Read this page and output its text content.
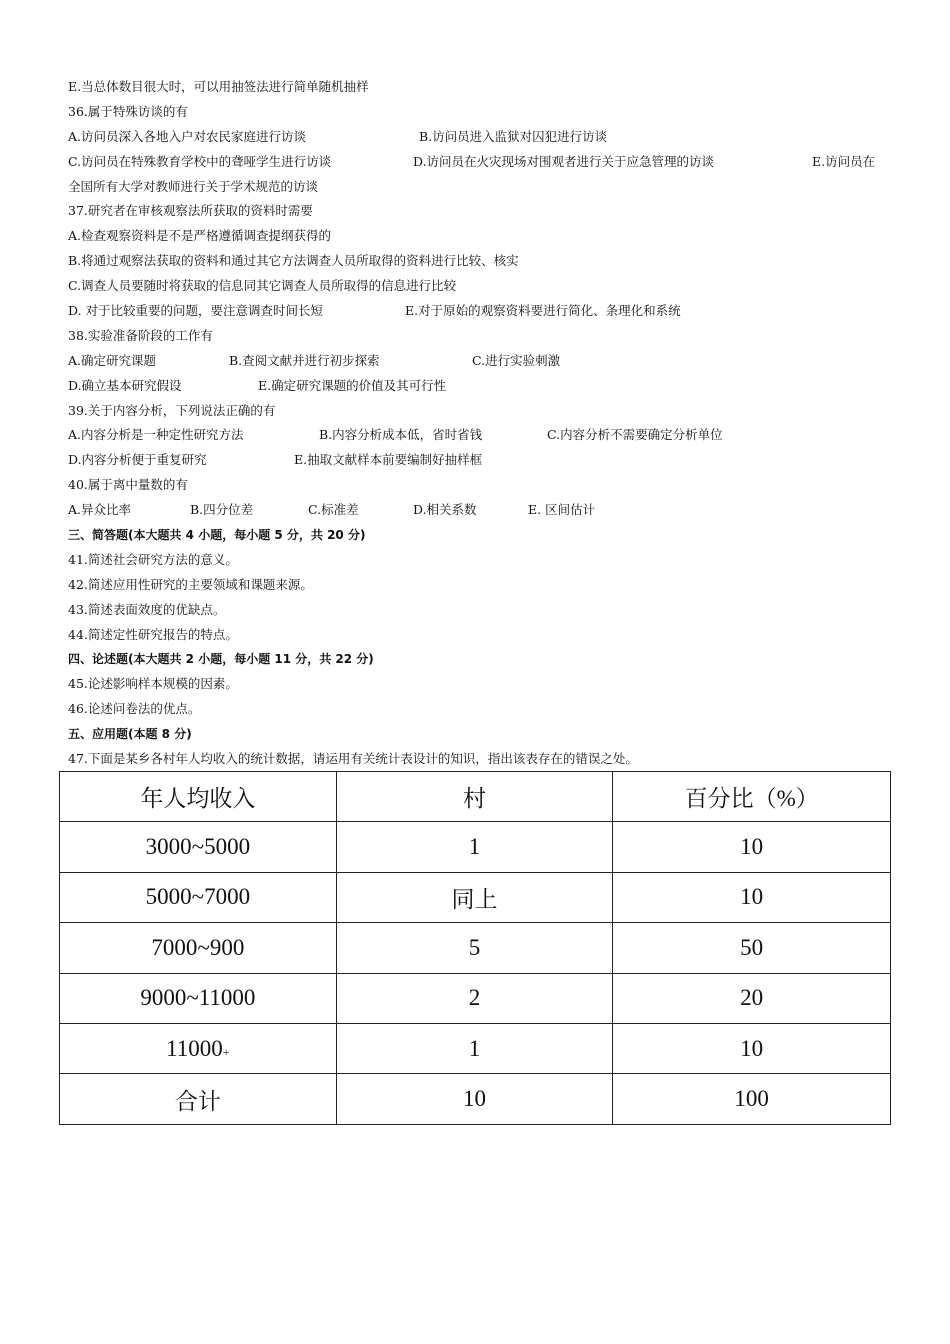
E.当总体数目很大时，可以用抽签法进行简单随机抽样
36.属于特殊访谈的有
A.访问员深入各地入户对农民家庭进行访谈	B.访问员进入监狱对囚犯进行访谈
C.访问员在特殊教育学校中的聋哑学生进行访谈	D.访问员在火灾现场对围观者进行关于应急管理的访谈	E.访问员在
全国所有大学对教师进行关于学术规范的访谈
37.研究者在审核观察法所获取的资料时需要
A.检查观察资料是不是严格遵循调查提纲获得的
B.将通过观察法获取的资料和通过其它方法调查人员所取得的资料进行比较、核实
C.调查人员要随时将获取的信息同其它调查人员所取得的信息进行比较
D. 对于比较重要的问题，要注意调查时间长短	E.对于原始的观察资料要进行简化、条理化和系统
38.实验准备阶段的工作有
A.确定研究课题	B.查阅文献并进行初步探索	C.进行实验刺激
D.确立基本研究假设	E.确定研究课题的价值及其可行性
39.关于内容分析，下列说法正确的有
A.内容分析是一种定性研究方法	B.内容分析成本低，省时省钱	C.内容分析不需要确定分析单位
D.内容分析便于重复研究	E.抽取文献样本前要编制好抽样框
40.属于离中量数的有
A.异众比率	B.四分位差	C.标准差	D.相关系数	E. 区间估计
三、简答题(本大题共 4 小题，每小题 5 分，共 20 分)
41.简述社会研究方法的意义。
42.简述应用性研究的主要领域和课题来源。
43.简述表面效度的优缺点。
44.简述定性研究报告的特点。
四、论述题(本大题共 2 小题，每小题 11 分，共 22 分)
45.论述影响样本规模的因素。
46.论述问卷法的优点。
五、应用题(本题 8 分)
47.下面是某乡各村年人均收入的统计数据，请运用有关统计表设计的知识，指出该表存在的错误之处。
年人均收入	村	百分比（%）
3000~5000	1	10
5000~7000	同上	10
7000~900	5	50
9000~11000	2	20
11000+	1	10
合计	10	100
